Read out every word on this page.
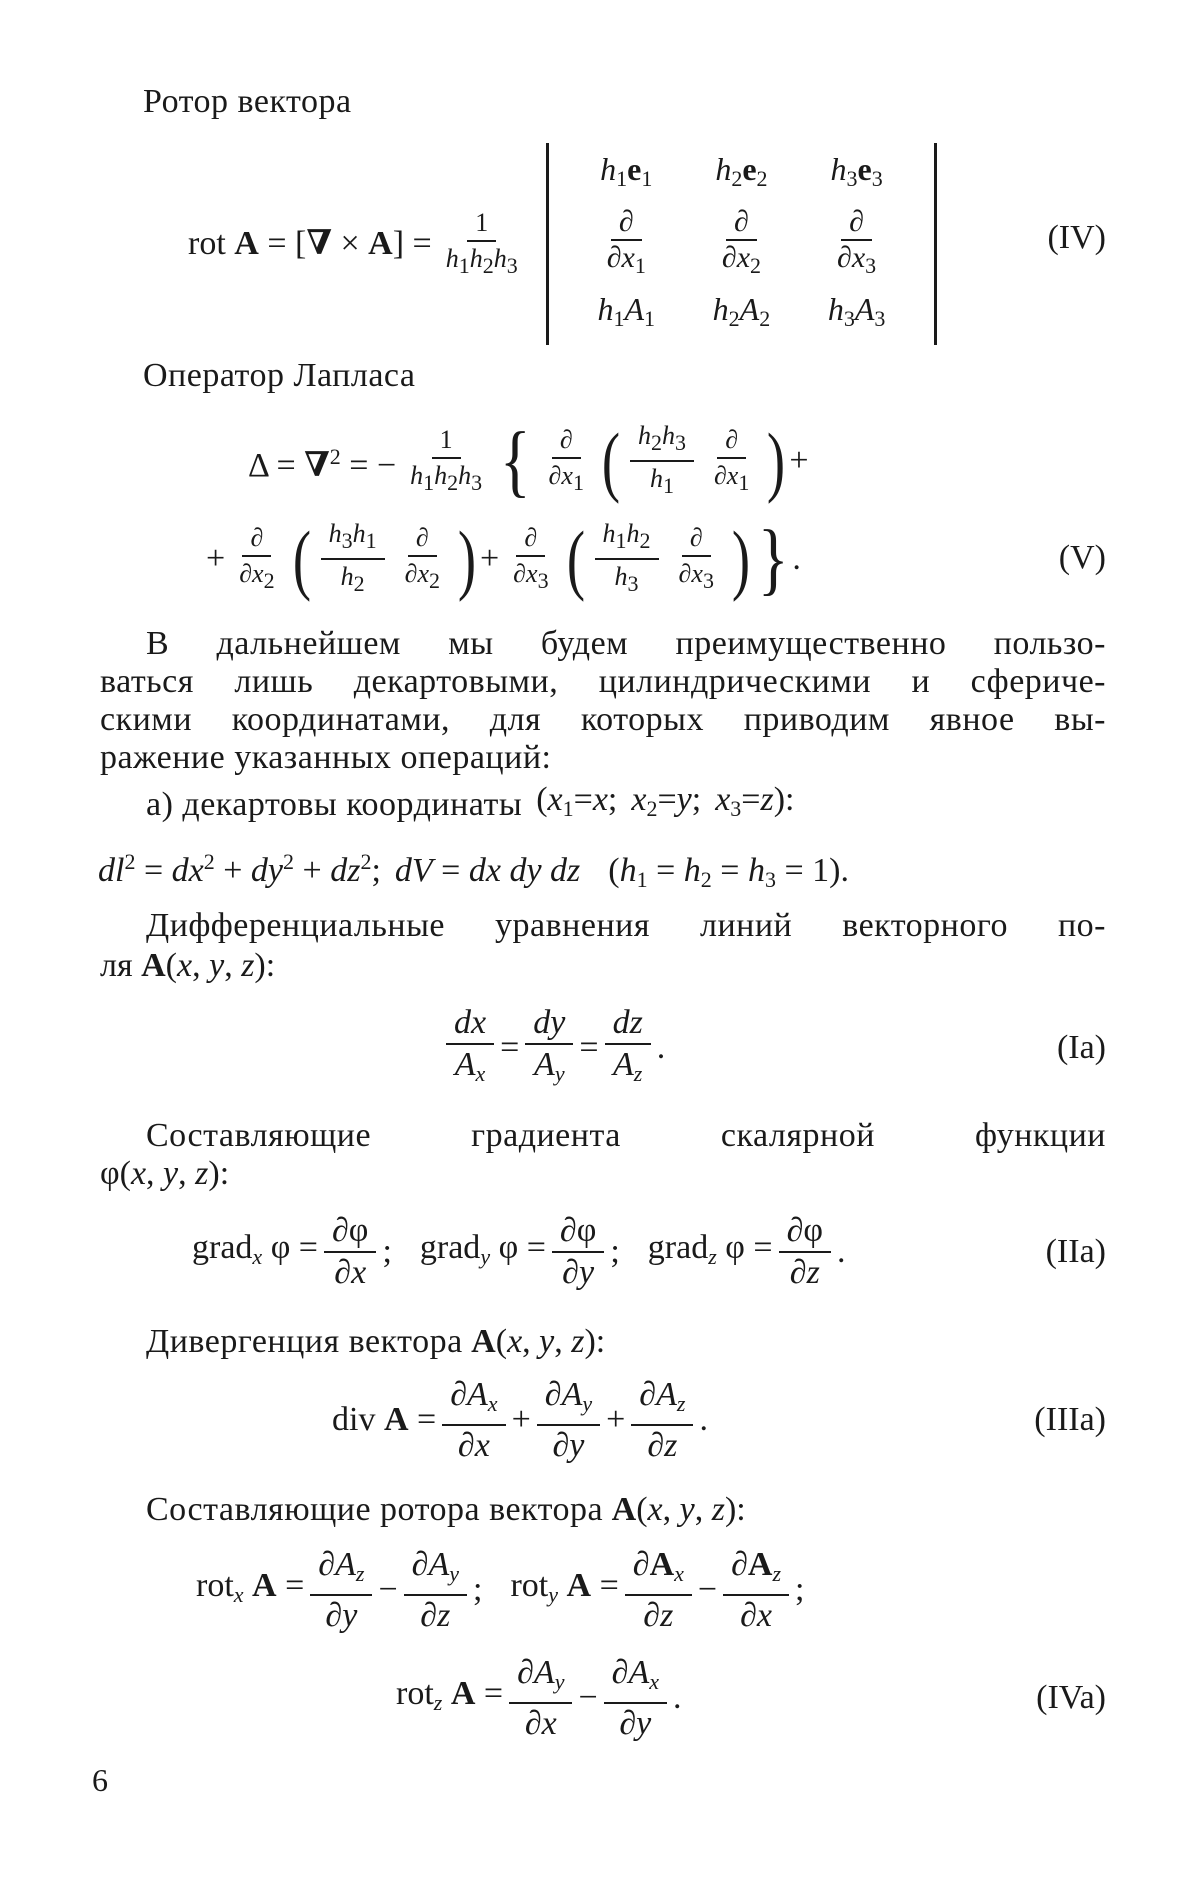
Ротор вектора
rot A = [∇ × $A] = \frac{1}{h_1h_2h_3}$
$h_1e_1$	$h_2e_2$	$h_3e_3$

$\frac{\partial}{\partial x_1}$	$\frac{\partial}{\partial x_2}$	$\frac{\partial}{\partial x_3}$

$h_1A_1$	$h_2A_2$	$h_3A_3$
(IV)
Оператор Лапласа
Δ = ∇$^2$ = − $\frac{1}{h_1h_2h_3}$ { $\frac{\partial}{\partial x_1}$ ( $\frac{h_2h_3}{h_1} \frac{\partial}{\partial x_1}$ ) +
+ $\frac{\partial}{\partial x_2}$ ( $\frac{h_3h_1}{h_2} \frac{\partial}{\partial x_2}$ ) + $\frac{\partial}{\partial x_3}$ ( $\frac{h_1h_2}{h_3} \frac{\partial}{\partial x_3}$ ) } .	(V)
В дальнейшем мы будем преимущественно пользо-
ваться лишь декартовыми, цилиндрическими и сфериче-
скими координатами, для которых приводим явное вы-
ражение указанных операций:
а) декартовы координаты ($x_1=x$; $x_2=y$; $x_3=z$):
$dl^2 = dx^2 + dy^2 + dz^2$; dV = dx dy dz $(h_1 = h_2 = h_3 = 1)$.
Дифференциальные уравнения линий векторного по-
ля A(x, y, z):
$\frac{dx}{A_x} = \frac{dy}{A_y} = \frac{dz}{A_z}$ .	(Ia)
Составляющие градиента скалярной функции
φ(x, y, z):
grad$_x$ $\varphi = \frac{\partial\varphi}{\partial x}$ ; grad$_y$ $\varphi = \frac{\partial\varphi}{\partial y}$ ; grad$_z$ $\varphi = \frac{\partial\varphi}{\partial z}$ .	(IIa)
Дивергенция вектора A(x, y, z):
div $A = \frac{\partial A_x}{\partial x} + \frac{\partial A_y}{\partial y} + \frac{\partial A_z}{\partial z}$ .	(IIIa)
Составляющие ротора вектора A(x, y, z):
rot$_x$ $A = \frac{\partial A_z}{\partial y} - \frac{\partial A_y}{\partial z}$ ; rot$_y$ $A = \frac{\partial A_x}{\partial z} - \frac{\partial A_z}{\partial x}$ ;
rot$_z$ $A = \frac{\partial A_y}{\partial x} - \frac{\partial A_x}{\partial y}$ .	(IVa)
6
